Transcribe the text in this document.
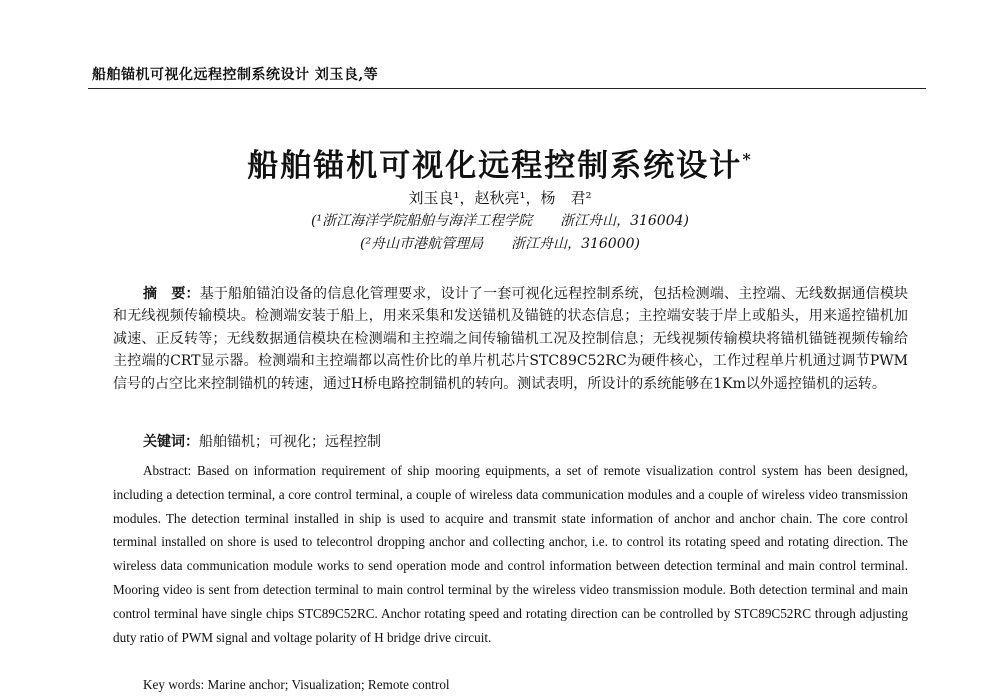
船舶锚机可视化远程控制系统设计 刘玉良,等
船舶锚机可视化远程控制系统设计*
刘玉良¹，赵秋亮¹，杨　君²
(¹浙江海洋学院船舶与海洋工程学院　　浙江舟山，316004)
(²舟山市港航管理局　　浙江舟山，316000)
摘　要：基于船舶锚泊设备的信息化管理要求，设计了一套可视化远程控制系统，包括检测端、主控端、无线数据通信模块和无线视频传输模块。检测端安装于船上，用来采集和发送锚机及锚链的状态信息；主控端安装于岸上或船头，用来遥控锚机加减速、正反转等；无线数据通信模块在检测端和主控端之间传输锚机工况及控制信息；无线视频传输模块将锚机锚链视频传输给主控端的CRT显示器。检测端和主控端都以高性价比的单片机芯片STC89C52RC为硬件核心，工作过程单片机通过调节PWM信号的占空比来控制锚机的转速，通过H桥电路控制锚机的转向。测试表明，所设计的系统能够在1Km以外遥控锚机的运转。
关键词：船舶锚机；可视化；远程控制
Abstract: Based on information requirement of ship mooring equipments, a set of remote visualization control system has been designed, including a detection terminal, a core control terminal, a couple of wireless data communication modules and a couple of wireless video transmission modules. The detection terminal installed in ship is used to acquire and transmit state information of anchor and anchor chain. The core control terminal installed on shore is used to telecontrol dropping anchor and collecting anchor, i.e. to control its rotating speed and rotating direction. The wireless data communication module works to send operation mode and control information between detection terminal and main control terminal. Mooring video is sent from detection terminal to main control terminal by the wireless video transmission module. Both detection terminal and main control terminal have single chips STC89C52RC. Anchor rotating speed and rotating direction can be controlled by STC89C52RC through adjusting duty ratio of PWM signal and voltage polarity of H bridge drive circuit.
Key words: Marine anchor; Visualization; Remote control
